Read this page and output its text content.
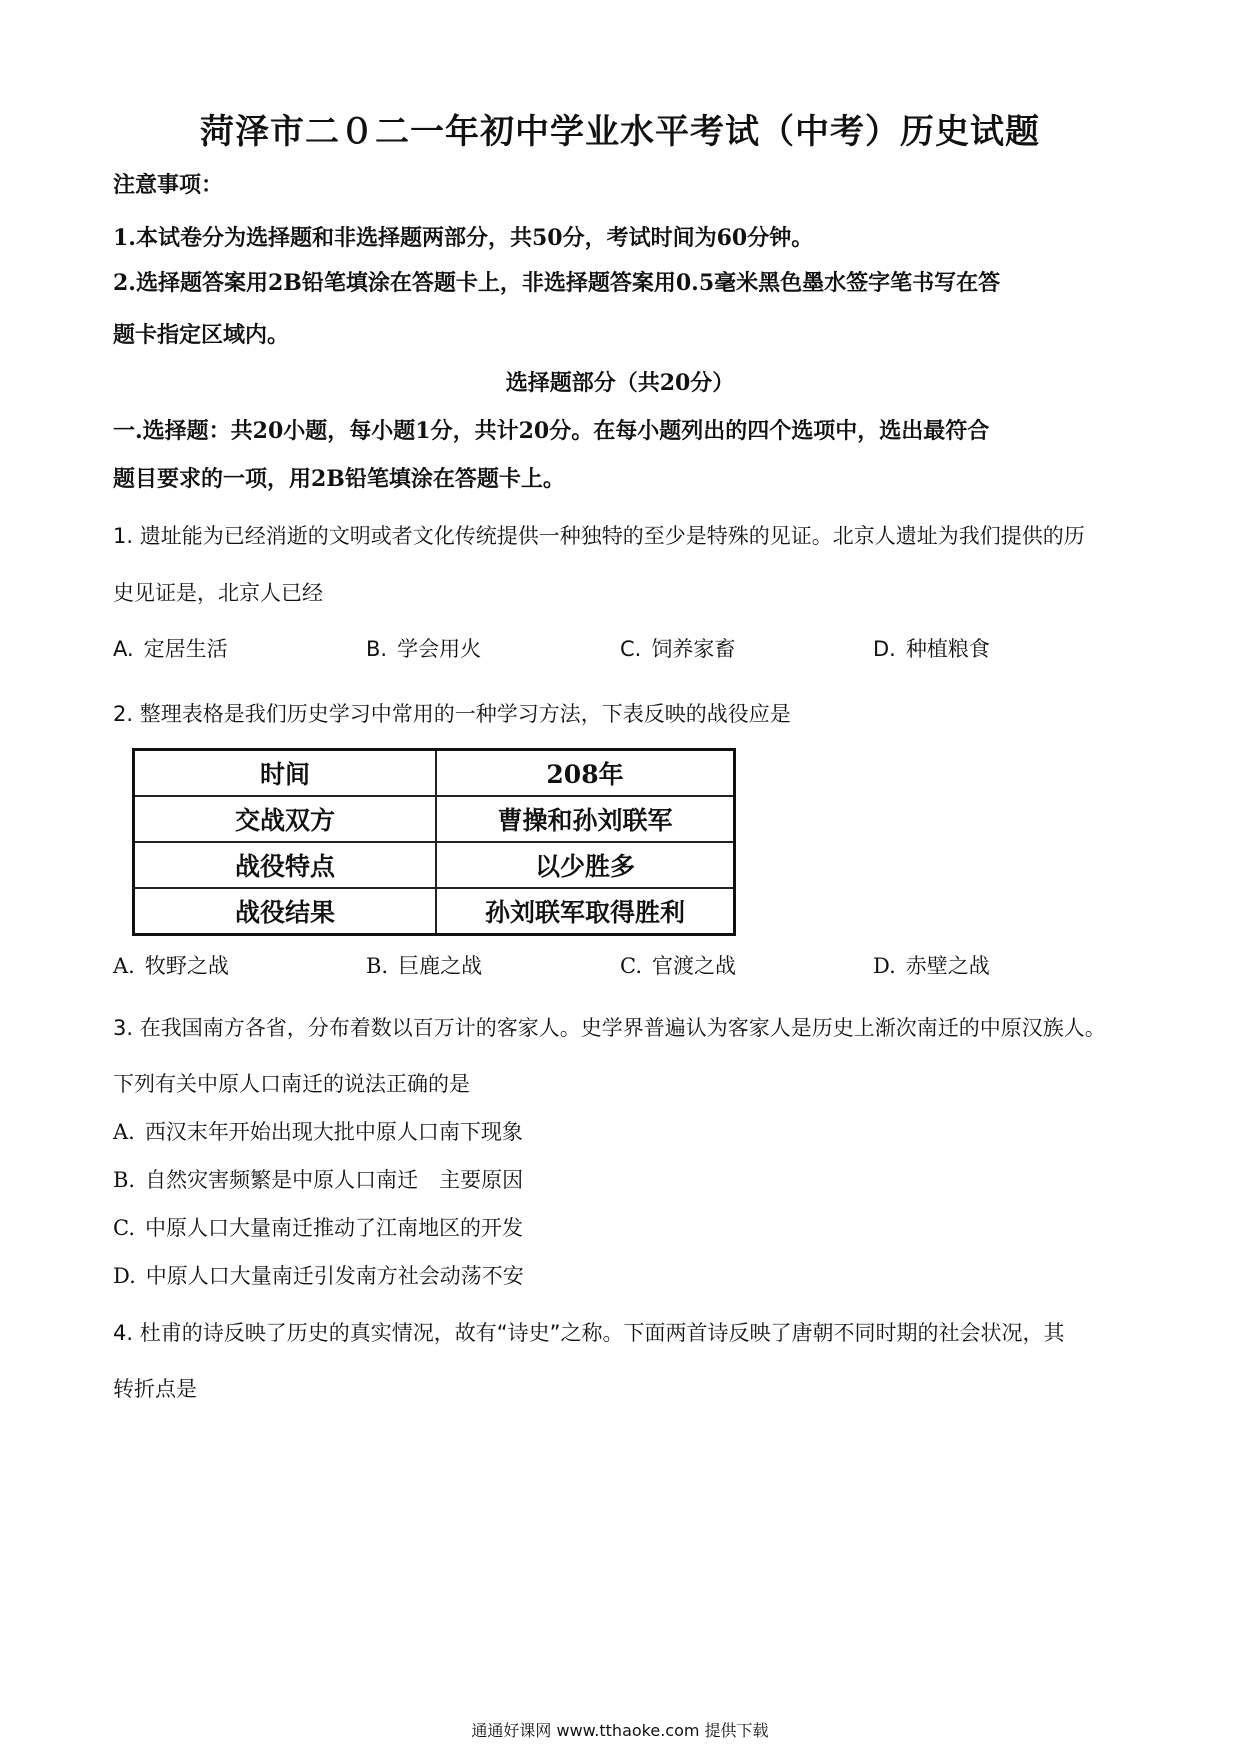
菏泽市二０二一年初中学业水平考试（中考）历史试题
注意事项：
1.本试卷分为选择题和非选择题两部分，共50分，考试时间为60分钟。
2.选择题答案用2B铅笔填涂在答题卡上，非选择题答案用0.5毫米黑色墨水签字笔书写在答
题卡指定区域内。
选择题部分（共20分）
一.选择题：共20小题，每小题1分，共计20分。在每小题列出的四个选项中，选出最符合
题目要求的一项，用2B铅笔填涂在答题卡上。
1. 遗址能为已经消逝的文明或者文化传统提供一种独特的至少是特殊的见证。北京人遗址为我们提供的历
史见证是，北京人已经
A. 定居生活	B. 学会用火	C. 饲养家畜	D. 种植粮食
2. 整理表格是我们历史学习中常用的一种学习方法，下表反映的战役应是
时间	208年
交战双方	曹操和孙刘联军
战役特点	以少胜多
战役结果	孙刘联军取得胜利
A. 牧野之战	B. 巨鹿之战	C. 官渡之战	D. 赤壁之战
3. 在我国南方各省，分布着数以百万计的客家人。史学界普遍认为客家人是历史上渐次南迁的中原汉族人。
下列有关中原人口南迁的说法正确的是
A. 西汉末年开始出现大批中原人口南下现象
B. 自然灾害频繁是中原人口南迁　主要原因
C. 中原人口大量南迁推动了江南地区的开发
D. 中原人口大量南迁引发南方社会动荡不安
4. 杜甫的诗反映了历史的真实情况，故有“诗史”之称。下面两首诗反映了唐朝不同时期的社会状况，其
转折点是
通通好课网 www.tthaoke.com 提供下载
